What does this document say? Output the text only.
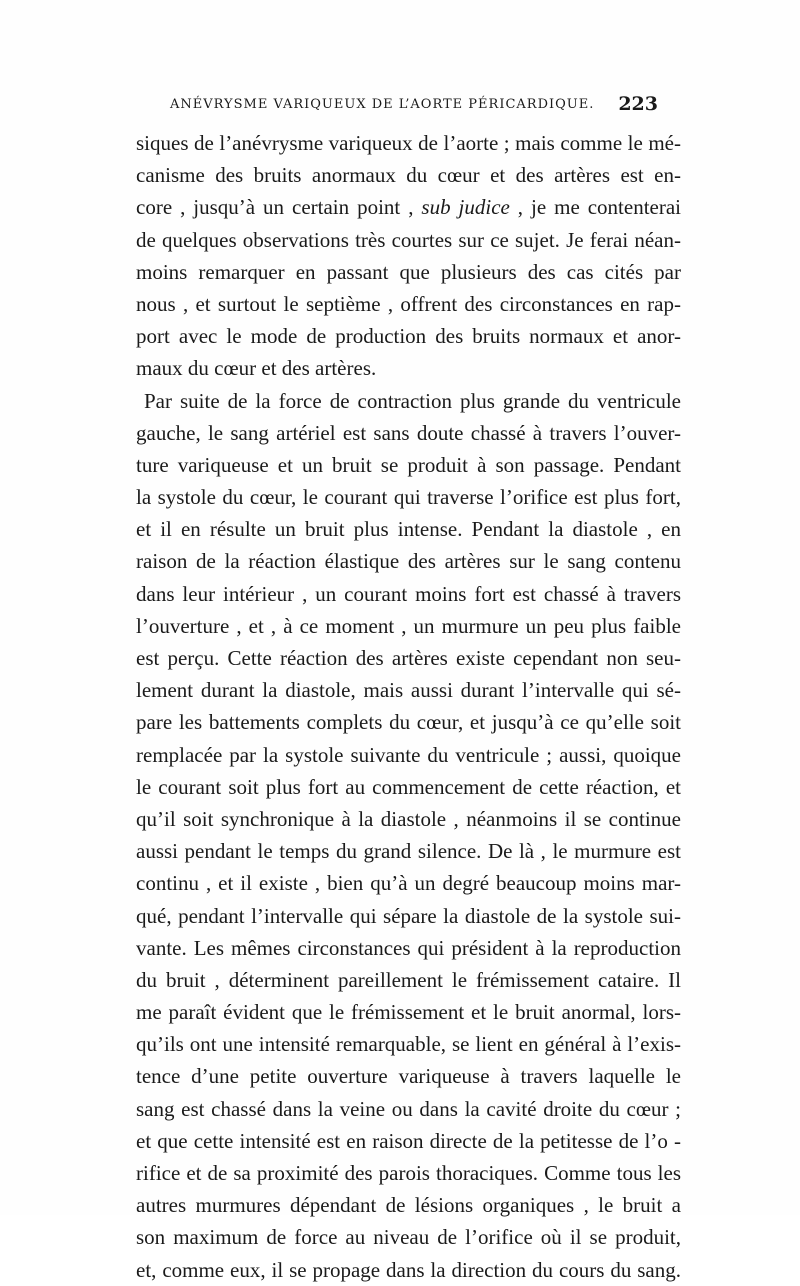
ANÉVRYSME VARIQUEUX DE L’AORTE PÉRICARDIQUE. 223
siques de l’anévrysme variqueux de l’aorte ; mais comme le mé-
canisme des bruits anormaux du cœur et des artères est en-
core , jusqu’à un certain point , sub judice , je me contenterai
de quelques observations très courtes sur ce sujet. Je ferai néan-
moins remarquer en passant que plusieurs des cas cités par
nous , et surtout le septième , offrent des circonstances en rap-
port avec le mode de production des bruits normaux et anor-
maux du cœur et des artères.
Par suite de la force de contraction plus grande du ventricule
gauche, le sang artériel est sans doute chassé à travers l’ouver-
ture variqueuse et un bruit se produit à son passage. Pendant
la systole du cœur, le courant qui traverse l’orifice est plus fort,
et il en résulte un bruit plus intense. Pendant la diastole , en
raison de la réaction élastique des artères sur le sang contenu
dans leur intérieur , un courant moins fort est chassé à travers
l’ouverture , et , à ce moment , un murmure un peu plus faible
est perçu. Cette réaction des artères existe cependant non seu-
lement durant la diastole, mais aussi durant l’intervalle qui sé-
pare les battements complets du cœur, et jusqu’à ce qu’elle soit
remplacée par la systole suivante du ventricule ; aussi, quoique
le courant soit plus fort au commencement de cette réaction, et
qu’il soit synchronique à la diastole , néanmoins il se continue
aussi pendant le temps du grand silence. De là , le murmure est
continu , et il existe , bien qu’à un degré beaucoup moins mar-
qué, pendant l’intervalle qui sépare la diastole de la systole sui-
vante. Les mêmes circonstances qui président à la reproduction
du bruit , déterminent pareillement le frémissement cataire. Il
me paraît évident que le frémissement et le bruit anormal, lors-
qu’ils ont une intensité remarquable, se lient en général à l’exis-
tence d’une petite ouverture variqueuse à travers laquelle le
sang est chassé dans la veine ou dans la cavité droite du cœur ;
et que cette intensité est en raison directe de la petitesse de l’o -
rifice et de sa proximité des parois thoraciques. Comme tous les
autres murmures dépendant de lésions organiques , le bruit a
son maximum de force au niveau de l’orifice où il se produit,
et, comme eux, il se propage dans la direction du cours du sang.
